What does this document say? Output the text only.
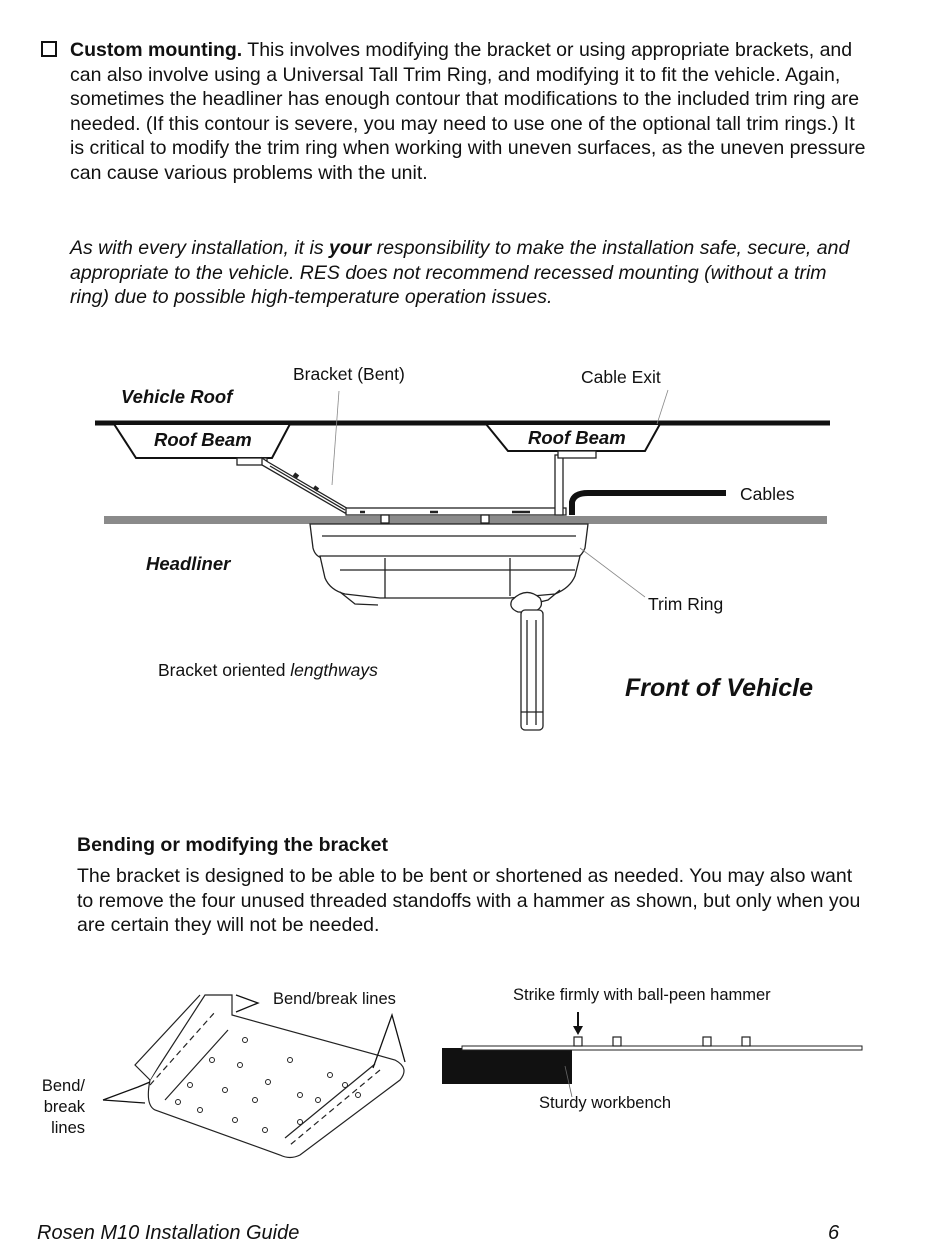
Custom mounting. This involves modifying the bracket or using appropriate brackets, and can also involve using a Universal Tall Trim Ring, and modifying it to fit the vehicle. Again, sometimes the headliner has enough contour that modifications to the included trim ring are needed. (If this contour is severe, you may need to use one of the optional tall trim rings.) It is critical to modify the trim ring when working with uneven surfaces, as the uneven pressure can cause various problems with the unit.
As with every installation, it is your responsibility to make the installation safe, secure, and appropriate to the vehicle. RES does not recommend recessed mounting (without a trim ring) due to possible high-temperature operation issues.
Bracket (Bent)	Cable Exit
Vehicle Roof
Roof Beam	Roof Beam
Cables
Headliner
Trim Ring
Bracket oriented lengthways
Front of Vehicle
Bending or modifying the bracket
The bracket is designed to be able to be bent or shortened as needed. You may also want to remove the four unused threaded standoffs with a hammer as shown, but only when you are certain they will not be needed.
Bend/break lines
Bend/
break
lines
Strike firmly with ball-peen hammer
Sturdy workbench
Rosen M10 Installation Guide	6
